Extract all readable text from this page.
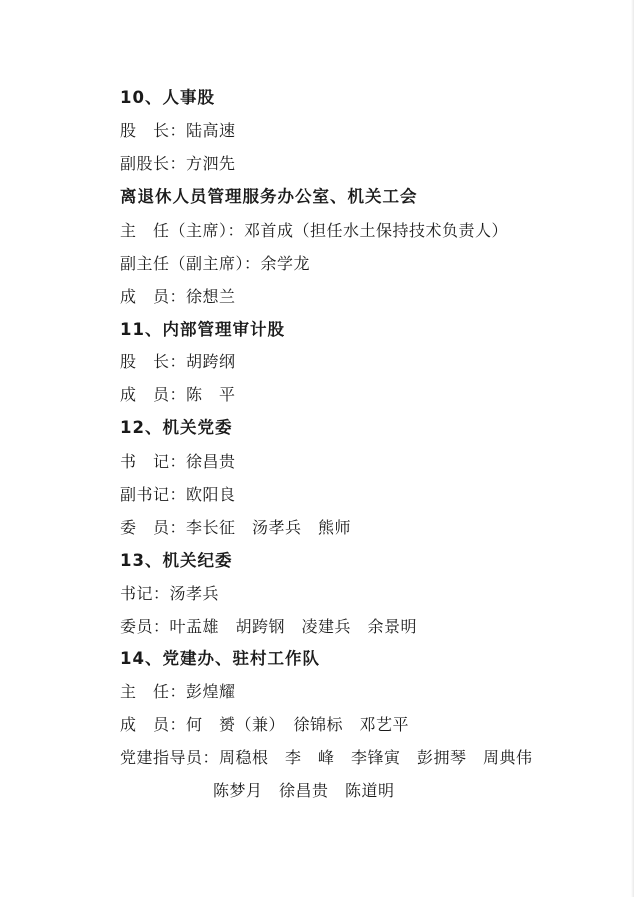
10、人事股
股　长：陆高速
副股长：方泗先
离退休人员管理服务办公室、机关工会
主　任（主席）：邓首成（担任水土保持技术负责人）
副主任（副主席）：余学龙
成　员：徐想兰
11、内部管理审计股
股　长：胡跨纲
成　员：陈　平
12、机关党委
书　记：徐昌贵
副书记：欧阳良
委　员：李长征　汤孝兵　熊师
13、机关纪委
书记：汤孝兵
委员：叶盂雄　胡跨钢　凌建兵　余景明
14、党建办、驻村工作队
主　任：彭煌耀
成　员：何　赟（兼）　徐锦标　邓艺平
党建指导员：周稳根　李　峰　李锋寅　彭拥琴　周典伟
陈梦月　徐昌贵　陈道明
